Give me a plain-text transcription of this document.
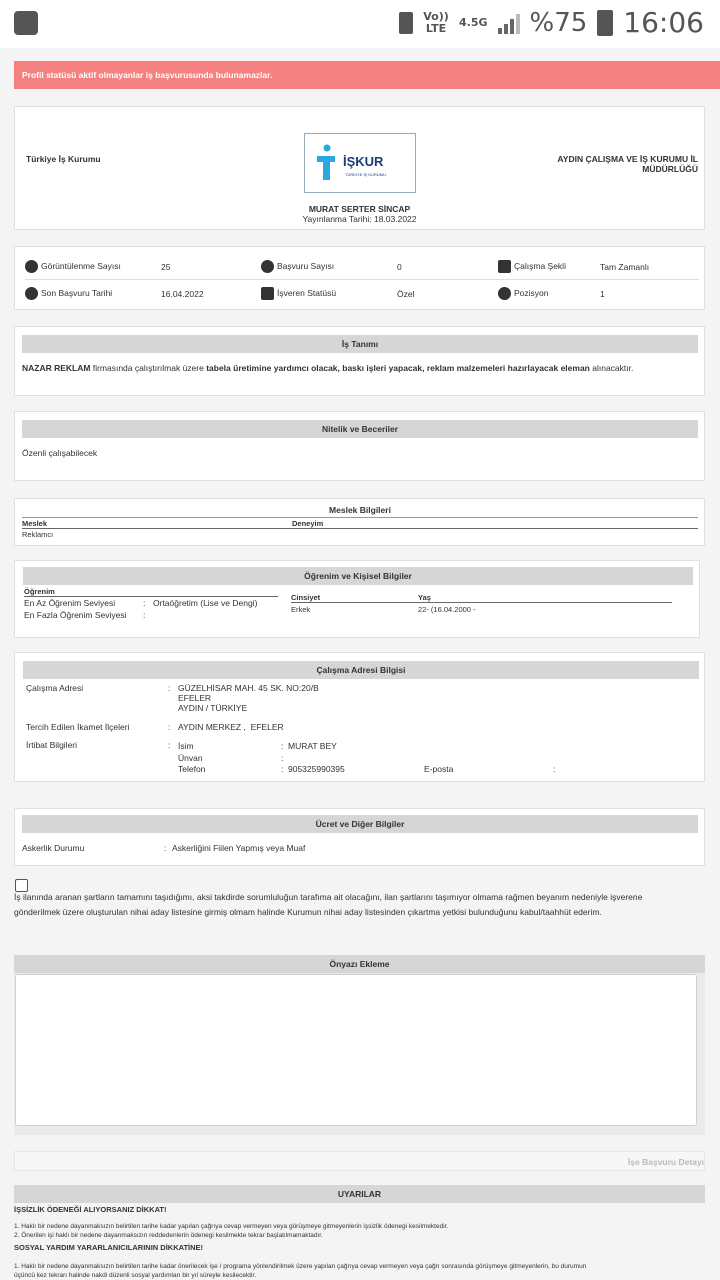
Vo)) LTE 4.5G %75 16:06
Profil statüsü aktif olmayanlar iş başvurusunda bulunamazlar.
Türkiye İş Kurumu	İŞKUR
TÜRKİYE İŞ KURUMU
AYDIN ÇALIŞMA VE İŞ KURUMU İL
MÜDÜRLÜĞÜ
MURAT SERTER SİNCAP
Yayınlanma Tarihi: 18.03.2022
Görüntülenme Sayısı	25	Başvuru Sayısı	0	Çalışma Şekli	Tam Zamanlı
Son Başvuru Tarihi	16.04.2022	İşveren Statüsü	Özel	Pozisyon	1
İş Tanımı
NAZAR REKLAM firmasında çalıştırılmak üzere tabela üretimine yardımcı olacak, baskı işleri yapacak, reklam malzemeleri hazırlayacak eleman alınacaktır.
Nitelik ve Beceriler
Özenli çalışabilecek
Meslek Bilgileri
Meslek	Deneyim
Reklamcı
Öğrenim ve Kişisel Bilgiler
Öğrenim
En Az Öğrenim Seviyesi	: Ortaöğretim (Lise ve Dengi)
En Fazla Öğrenim Seviyesi :
Cinsiyet	Yaş
Erkek	22- (16.04.2000 -
Çalışma Adresi Bilgisi
Çalışma Adresi	: GÜZELHİSAR MAH. 45 SK. NO:20/B
EFELER
AYDIN / TÜRKİYE
Tercih Edilen İkamet İlçeleri	: AYDIN MERKEZ ,  EFELER
İrtibat Bilgileri	: İsim	: MURAT BEY
Ünvan	:
Telefon	: 905325990395	E-posta	:
Ücret ve Diğer Bilgiler
Askerlik Durumu	: Askerliğini Fiilen Yapmış veya Muaf
İş ilanında aranan şartların tamamını taşıdığımı, aksi takdirde sorumluluğun tarafıma ait olacağını, ilan şartlarını taşımıyor olmama rağmen beyanım nedeniyle işverene
gönderilmek üzere oluşturulan nihai aday listesine girmiş olmam halinde Kurumun nihai aday listesinden çıkartma yetkisi bulunduğunu kabul/taahhüt ederim.
Önyazı Ekleme
İşe Başvuru Detayı
UYARILAR
İŞSİZLİK ÖDENEĞİ ALIYORSANIZ DİKKAT!
1. Haklı bir nedene dayanmaksızın belirtilen tarihe kadar yapılan çağrıya cevap vermeyen veya görüşmeye gitmeyenlerin işsizlik ödenegi kesilmektedir.
2. Önerilen işi haklı bir nedene dayanmaksızın reddedenlerin ödenegi kesilmekte tekrar başlatılmamaktadır.
SOSYAL YARDIM YARARLANICILARININ DİKKATİNE!
1. Haklı bir nedene dayanmaksızın belirtilen tarihe kadar önerilecek işe / programa yönlendirilmek üzere yapılan çağrıya cevap vermeyen veya çağrı sonrasında görüşmeye gitmeyenlerin, bu durumun
üçüncü kez tekrarı halinde nakdi düzenli sosyal yardımları bir yıl süreyle kesilecektir.
